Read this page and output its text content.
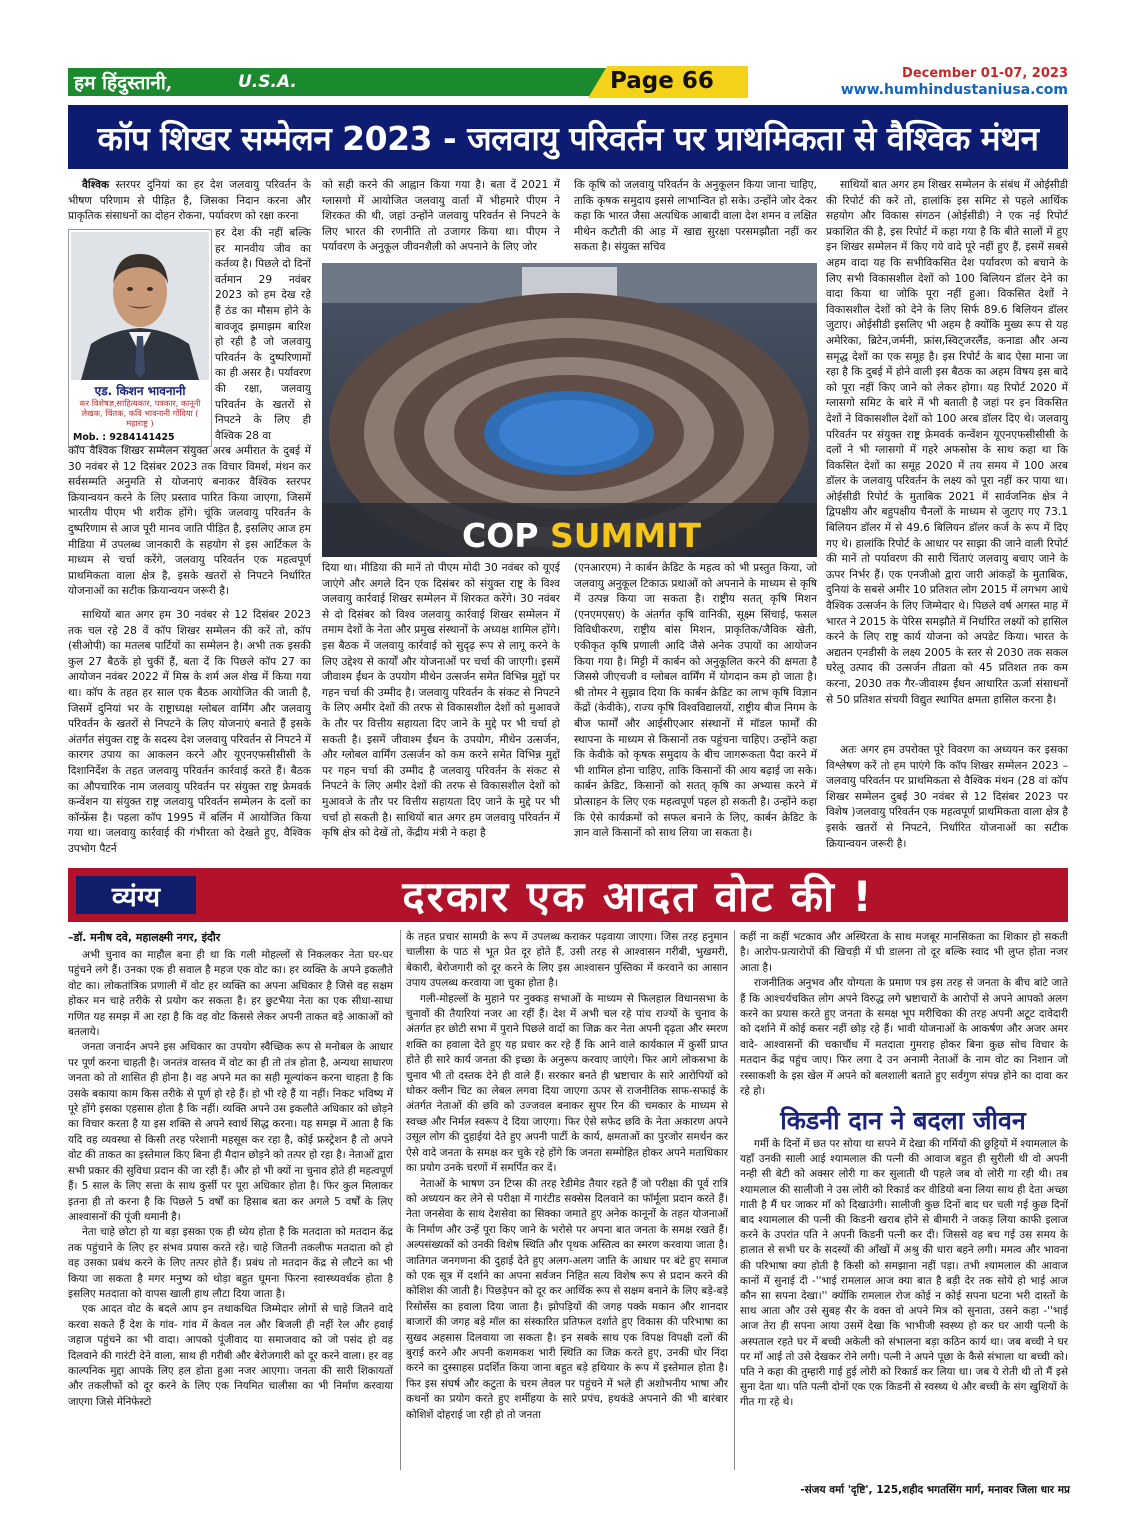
हम हिंदुस्तानी,	U.S.A.	Page 66	December 01-07, 2023
www.humhindustaniusa.com
कॉप शिखर सम्मेलन 2023 - जलवायु परिवर्तन पर प्राथमिकता से वैश्विक मंथन

वैश्विक स्तरपर दुनियां का हर देश जलवायु परिवर्तन के भीषण परिणाम से पीड़ित है, जिसका निदान करना और प्राकृतिक संसाधनों का दोहन रोकना, पर्यावरण को रक्षा करना

एड. किशन भावनानी
कर विशेषज्ञ,साहित्यकार, पत्रकार, कानूनी लेखक, चिंतक, कवि भावनानी गोंदिया ( महाराष्ट्र )
Mob. : 9284141425

हर देश की नहीं बल्कि हर मानवीय जीव का कर्तव्य है। पिछले दो दिनों वर्तमान 29 नवंबर 2023 को हम देख रहे हैं ठंड का मौसम होने के बावजूद झमाझम बारिश हो रही है जो जलवायु परिवर्तन के दुष्परिणामों का ही असर है। पर्यावरण की रक्षा, जलवायु परिवर्तन के खतरों से निपटने के लिए ही वैश्विक 28 वा

कॉप वैश्विक शिखर सम्मेलन संयुक्त अरब अमीरात के दुबई में 30 नवंबर से 12 दिसंबर 2023 तक विचार विमर्श, मंथन कर सर्वसम्मति अनुमति से योजनाएं बनाकर वैश्विक स्तरपर क्रियान्वयन करने के लिए प्रस्ताव पारित किया जाएगा, जिसमें भारतीय पीएम भी शरीक होंगे। चूंकि जलवायु परिवर्तन के दुष्परिणाम से आज पूरी मानव जाति पीड़ित है, इसलिए आज हम मीडिया में उपलब्ध जानकारी के सहयोग से इस आर्टिकल के माध्यम से चर्चा करेंगे, जलवायु परिवर्तन एक महत्वपूर्ण प्राथमिकता वाला क्षेत्र है, इसके खतरों से निपटने निर्धारित योजनाओं का सटीक क्रियान्वयन जरूरी है।

साथियों बात अगर हम 30 नवंबर से 12 दिसंबर 2023 तक चल रहे 28 वें कॉप शिखर सम्मेलन की करें तो, कॉप (सीओपी) का मतलब पार्टियों का सम्मेलन है। अभी तक इसकी कुल 27 बैठकें हो चुकीं हैं, बता दें कि पिछले कॉप 27 का आयोजन नवंबर 2022 में मिस्र के शर्म अल शेख में किया गया था। कॉप के तहत हर साल एक बैठक आयोजित की जाती है, जिसमें दुनियां भर के राष्ट्राध्यक्ष ग्लोबल वार्मिंग और जलवायु परिवर्तन के खतरों से निपटने के लिए योजनाएं बनाते हैं इसके अंतर्गत संयुक्त राष्ट्र के सदस्य देश जलवायु परिवर्तन से निपटने में कारगर उपाय का आकलन करने और यूएनएफसीसीसी के दिशानिर्देश के तहत जलवायु परिवर्तन कार्रवाई करते हैं। बैठक का औपचारिक नाम जलवायु परिवर्तन पर संयुक्त राष्ट्र फ्रेमवर्क कन्वेंशन या संयुक्त राष्ट्र जलवायु परिवर्तन सम्मेलन के दलों का कॉन्फ्रेंस है। पहला कॉप 1995 में बर्लिन में आयोजित किया गया था। जलवायु कार्रवाई की गंभीरता को देखते हुए, वैश्विक उपभोग पैटर्न

को सही करने की आह्वान किया गया है। बता दें 2021 में ग्लासगो में आयोजित जलवायु वार्ता में भीहमारे पीएम ने शिरकत की थी, जहां उन्होंने जलवायु परिवर्तन से निपटने के लिए भारत की रणनीति तो उजागर किया था। पीएम ने पर्यावरण के अनुकूल जीवनशैली को अपनाने के लिए जोर

कि कृषि को जलवायु परिवर्तन के अनुकूलन किया जाना चाहिए, ताकि कृषक समुदाय इससे लाभान्वित हो सके। उन्होंने जोर देकर कहा कि भारत जैसा अत्यधिक आबादी वाला देश शमन व लक्षित मीथेन कटौती की आड़ में खाद्य सुरक्षा परसमझौता नहीं कर सकता है। संयुक्त सचिव

COP SUMMIT

दिया था। मीडिया की मानें तो पीएम मोदी 30 नवंबर को यूएई जाएंगे और अगले दिन एक दिसंबर को संयुक्त राष्ट्र के विश्व जलवायु कार्रवाई शिखर सम्मेलन में शिरकत करेंगे। 30 नवंबर से दो दिसंबर को विश्व जलवायु कार्रवाई शिखर सम्मेलन में तमाम देशों के नेता और प्रमुख संस्थानों के अध्यक्ष शामिल होंगे। इस बैठक में जलवायु कार्रवाई को सुदृढ़ रूप से लागू करने के लिए उद्देश्य से कार्यों और योजनाओं पर चर्चा की जाएगी। इसमें जीवाश्म ईंधन के उपयोग मीथेन उत्सर्जन समेत विभिन्न मुद्दों पर गहन चर्चा की उम्मीद है। जलवायु परिवर्तन के संकट से निपटने के लिए अमीर देशों की तरफ से विकासशील देशों को मुआवजे के तौर पर वित्तीय सहायता दिए जाने के मुद्दे पर भी चर्चा हो सकती है। इसमें जीवाश्म ईंधन के उपयोग, मीथेन उत्सर्जन, और ग्लोबल वार्मिंग उत्सर्जन को कम करने समेत विभिन्न मुद्दों पर गहन चर्चा की उम्मीद है जलवायु परिवर्तन के संकट से निपटने के लिए अमीर देशों की तरफ से विकासशील देशों को मुआवजे के तौर पर वित्तीय सहायता दिए जाने के मुद्दे पर भी चर्चा हो सकती है। साथियों बात अगर हम जलवायु परिवर्तन में कृषि क्षेत्र को देखें तो, केंद्रीय मंत्री ने कहा है

(एनआरएम) ने कार्बन क्रेडिट के महत्व को भी प्रस्तुत किया, जो जलवायु अनुकूल टिकाऊ प्रथाओं को अपनाने के माध्यम से कृषि में उत्पन्न किया जा सकता है। राष्ट्रीय सतत् कृषि मिशन (एनएमएसए) के अंतर्गत कृषि वानिकी, सूक्ष्म सिंचाई, फसल विविधीकरण, राष्ट्रीय बांस मिशन, प्राकृतिक/जैविक खेती, एकीकृत कृषि प्रणाली आदि जैसे अनेक उपायों का आयोजन किया गया है। मिट्टी में कार्बन को अनुकूलित करने की क्षमता है जिससे जीएचजी व ग्लोबल वार्मिंग में योगदान कम हो जाता है।श्री तोमर ने सुझाव दिया कि कार्बन क्रेडिट का लाभ कृषि विज्ञान केंद्रों (केवीके), राज्य कृषि विश्वविद्यालयों, राष्ट्रीय बीज निगम के बीज फार्मों और आईसीएआर संस्थानों में मॉडल फार्मों की स्थापना के माध्यम से किसानों तक पहुंचना चाहिए। उन्होंने कहा कि केवीके को कृषक समुदाय के बीच जागरूकता पैदा करने में भी शामिल होना चाहिए, ताकि किसानों की आय बढ़ाई जा सके। कार्बन क्रेडिट, किसानों को सतत् कृषि का अभ्यास करने में प्रोत्साहन के लिए एक महत्वपूर्ण पहल हो सकती है। उन्होंने कहा कि ऐसे कार्यक्रमों को सफल बनाने के लिए, कार्बन क्रेडिट के ज्ञान वाले किसानों को साथ लिया जा सकता है।

साथियों बात अगर हम शिखर सम्मेलन के संबंध में ओईसीडी की रिपोर्ट की करें तो, हालांकि इस समिट से पहले आर्थिक सहयोग और विकास संगठन (ओईसीडी) ने एक नई रिपोर्ट प्रकाशित की है, इस रिपोर्ट में कहा गया है कि बीते सालों में हुए इन शिखर सम्मेलन में किए गये वादे पूरे नहीं हुए हैं, इसमें सबसे अहम वादा यह कि सभीविकसित देश पर्यावरण को बचाने के लिए सभी विकासशील देशों को 100 बिलियन डॉलर देने का वादा किया था जोकि पूरा नहीं हुआ। विकसित देशों ने विकासशील देशों को देने के लिए सिर्फ 89.6 बिलियन डॉलर जुटाए। ओईसीडी इसलिए भी अहम है क्योंकि मुख्य रूप से यह अमेरिका, ब्रिटेन,जर्मनी, फ्रांस,स्विट्जरलैंड, कनाडा और अन्य समृद्ध देशों का एक समूह है। इस रिपोर्ट के बाद ऐसा माना जा रहा है कि दुबई में होने वाली इस बैठक का अहम विषय इस बादे को पूरा नहीं किए जाने को लेकर होगा। यह रिपोर्ट 2020 में ग्लासगो समिट के बारे में भी बताती है जहां पर इन विकसित देशों ने विकासशील देशों को 100 अरब डॉलर दिए थे। जलवायु परिवर्तन पर संयुक्त राष्ट्र फ्रेमवर्क कन्वेंशन यूएनएफसीसीसी के दलों ने भी ग्लासगो में गहरे अफसोस के साथ कहा था कि विकसित देशों का समूह 2020 में तय समय में 100 अरब डॉलर के जलवायु परिवर्तन के लक्ष्य को पूरा नहीं कर पाया था। ओईसीडी रिपोर्ट के मुताबिक 2021 में सार्वजनिक क्षेत्र ने द्विपक्षीय और बहुपक्षीय चैनलों के माध्यम से जुटाए गए 73.1 बिलियन डॉलर में से 49.6 बिलियन डॉलर कर्ज के रूप में दिए गए थे। हालांकि रिपोर्ट के आधार पर साझा की जाने वाली रिपोर्ट की मानें तो पर्यावरण की सारी चिंताएं जलवायु बचाए जाने के ऊपर निर्भर हैं। एक एनजीओ द्वारा जारी आंकड़ों के मुताबिक, दुनियां के सबसे अमीर 10 प्रतिशत लोग 2015 में लगभग आधे वैश्विक उत्सर्जन के लिए जिम्मेदार थे। पिछले वर्ष अगस्त माह में भारत ने 2015 के पेरिस समझौते में निर्धारित लक्ष्यों को हासिल करने के लिए राष्ट्र कार्य योजना को अपडेट किया। भारत के अद्यतन एनडीसी के लक्ष्य 2005 के स्तर से 2030 तक सकल घरेलू उत्पाद की उत्सर्जन तीव्रता को 45 प्रतिशत तक कम करना, 2030 तक गैर-जीवाश्म ईंधन आधारित ऊर्जा संसाधनों से 50 प्रतिशत संचयी विद्युत स्थापित क्षमता हासिल करना है।

अतः अगर हम उपरोक्त पूरे विवरण का अध्ययन कर इसका विश्लेषण करें तो हम पाएंगे कि कॉप शिखर सम्मेलन 2023 – जलवायु परिवर्तन पर प्राथमिकता से वैश्विक मंथन (28 वां कॉप शिखर सम्मेलन दुबई 30 नवंबर से 12 दिसंबर 2023 पर विशेष )जलवायु परिवर्तन एक महत्वपूर्ण प्राथमिकता वाला क्षेत्र है इसके खतरों से निपटने, निर्धारित योजनाओं का सटीक क्रियान्वयन जरूरी है।

व्यंग्य	दरकार एक आदत वोट की !
–डॉ. मनीष दवे, महालक्ष्मी नगर, इंदौर

अभी चुनाव का माहौल बना ही था कि गली मोहल्लों से निकलकर नेता घर-घर पहुंचने लगे हैं। उनका एक ही सवाल है महज एक वोट का। हर व्यक्ति के अपने इकलौते वोट का। लोकतांत्रिक प्रणाली में वोट हर व्यक्ति का अपना अधिकार है जिसे वह सक्षम होकर मन चाहे तरीके से प्रयोग कर सकता है। हर छुटभैया नेता का एक सीधा-साधा गणित यह समझ में आ रहा है कि वह वोट किससे लेकर अपनी ताकत बड़े आकाओं को बतलाये।

जनता जनार्दन अपने इस अधिकार का उपयोग स्वैच्छिक रूप से मनोबल के आधार पर पूर्ण करना चाहती है। जनतंत्र वास्तव में वोट का ही तो तंत्र होता है, अन्यथा साधारण जनता को तो शासित ही होना है। वह अपने मत का सही मूल्यांकन करना चाहता है कि उसके बकाया काम किस तरीके से पूर्ण हो रहे हैं। हो भी रहे हैं या नहीं। निकट भविष्य में पूरे होंगे इसका एहसास होता है कि नहीं। व्यक्ति अपने उस इकलौते अधिकार को छोड़ने का विचार करता है या इस शक्ति से अपने स्वार्थ सिद्ध करना। यह समझ में आता है कि यदि वह व्यवस्था से किसी तरह परेशानी महसूस कर रहा है, कोई फ्रस्ट्रेशन है तो अपने वोट की ताकत का इस्तेमाल किए बिना ही मैदान छोड़ने को तत्पर हो रहा है। नेताओं द्वारा सभी प्रकार की सुविधा प्रदान की जा रही हैं। और हो भी क्यों ना चुनाव होते ही महत्वपूर्ण हैं। 5 साल के लिए सत्ता के साथ कुर्सी पर पूरा अधिकार होता है। फिर कुल मिलाकर इतना ही तो करना है कि पिछले 5 वर्षों का हिसाब बता कर अगले 5 वर्षों के लिए आश्वासनों की पूंजी थमानी है।

नेता चाहे छोटा हो या बड़ा इसका एक ही ध्येय होता है कि मतदाता को मतदान केंद्र तक पहुंचाने के लिए हर संभव प्रयास करते रहे। चाहे जितनी तकलीफ मतदाता को हो वह उसका प्रबंध करने के लिए तत्पर होते हैं। प्रबंध तो मतदान केंद्र से लौटने का भी किया जा सकता है मगर मनुष्य को थोड़ा बहुत घूमना फिरना स्वास्थ्यवर्धक होता है इसलिए मतदाता को वापस खाली हाथ लौटा दिया जाता है।

एक आदत वोट के बदले आप इन तथाकथित जिम्मेदार लोगों से चाहे जितने वादे करवा सकते हैं देश के गांव- गांव में केवल नल और बिजली ही नहीं रेल और हवाई जहाज पहुंचने का भी वादा। आपको पूंजीवाद या समाजवाद को जो पसंद हो वह दिलवाने की गारंटी देने वाला, साथ ही गरीबी और बेरोजगारी को दूर करने वाला। हर वह काल्पनिक मुद्दा आपके लिए हल होता हुआ नजर आएगा। जनता की सारी शिकायतों और तकलीफों को दूर करने के लिए एक नियमित चालीसा का भी निर्माण करवाया जाएगा जिसे मेनिफेस्टो

के तहत प्रचार सामग्री के रूप में उपलब्ध कराकर पढ़वाया जाएगा। जिस तरह हनुमान चालीसा के पाठ से भूत प्रेत दूर होते हैं, उसी तरह से आश्वासन गरीबी, भुखमरी, बेकारी, बेरोजगारी को दूर करने के लिए इस आश्वासन पुस्तिका में करवाने का आसान उपाय उपलब्ध करवाया जा चुका होता है।

गली-मोहल्लों के मुहाने पर नुक्कड़ सभाओं के माध्यम से फिलहाल विधानसभा के चुनावों की तैयारियां नजर आ रहीं हैं। देश में अभी चल रहे पांच राज्यों के चुनाव के अंतर्गत हर छोटी सभा में पुराने पिछले वादों का जिक्र कर नेता अपनी दृढ़ता और स्मरण शक्ति का हवाला देते हुए यह प्रचार कर रहे हैं कि आने वाले कार्यकाल में कुर्सी प्राप्त होते ही सारे कार्य जनता की इच्छा के अनुरूप करवाए जाएंगे। फिर आगे लोकसभा के चुनाव भी तो दस्तक देने ही वाले हैं। सरकार बनते ही भ्रष्टाचार के सारे आरोपियों को धोकर क्लीन चिट का लेबल लगवा दिया जाएगा ऊपर से राजनीतिक साफ-सफाई के अंतर्गत नेताओं की छवि को उज्जवल बनाकर सुपर रिन की चमकार के माध्यम से स्वच्छ और निर्मल स्वरूप दे दिया जाएगा। फिर ऐसे सफेद छवि के नेता अकारण अपने उसूल लोग की दुहाईयां देते हुए अपनी पार्टी के कार्य, क्षमताओं का पुरजोर समर्थन कर ऐसे वादे जनता के समक्ष कर चुके रहे होंगे कि जनता सम्मोहित होकर अपने मताधिकार का प्रयोग उनके चरणों में समर्पित कर दें।

नेताओं के भाषण उन टिप्स की तरह रेडीमेड तैयार रहते हैं जो परीक्षा की पूर्व रात्रि को अध्ययन कर लेने से परीक्षा में गारंटीड सक्सेस दिलवाने का फॉर्मूला प्रदान करते हैं। नेता जनसेवा के साथ देशसेवा का सिक्का जमाते हुए अनेक कानूनों के तहत योजनाओं के निर्माण और उन्हें पूरा किए जाने के भरोसे पर अपना बात जनता के समक्ष रखते हैं। अल्पसंख्यकों को उनकी विशेष स्थिति और पृथक अस्तित्व का स्मरण करवाया जाता है। जातिगत जनगणना की दुहाई देते हुए अलग-अलग जाति के आधार पर बंटे हुए समाज को एक सूत्र में दर्शाने का अपना सर्वजन निहित सत्य विशेष रूप से प्रदान करने की कोशिश की जाती है। पिछड़ेपन को दूर कर आर्थिक रूप से सक्षम बनाने के लिए बड़े-बड़े रिसोर्सेस का हवाला दिया जाता है। झोपड़ियों की जगह पक्के मकान और शानदार बाजारों की जगह बड़े मॉल का संस्कारित प्रतिफल दर्शाते हुए विकास की परिभाषा का सुखद अहसास दिलवाया जा सकता है। इन सबके साथ एक विपक्ष विपक्षी दलों की बुराई करने और अपनी कशमकश भारी स्थिति का जिक्र करते हुए, उनकी घोर निंदा करने का दुस्साहस प्रदर्शित किया जाना बहुत बड़े हथियार के रूप में इस्तेमाल होता है। फिर इस संघर्ष और कटुता के चरम लेवल पर पहुंचने में भले ही अशोभनीय भाषा और कथनों का प्रयोग करते हुए शर्मीहया के सारे प्रपंच, हथकंडे अपनाने की भी बारंबार कोशिशें दोहराई जा रही हो तो जनता

कहीं ना कहीं भटकाव और अस्थिरता के साथ मजबूर मानसिकता का शिकार हो सकती है। आरोप-प्रत्यारोपों की खिचड़ी में घी डालना तो दूर बल्कि स्वाद भी लुप्त होता नजर आता है।

राजनीतिक अनुभव और योग्यता के प्रमाण पत्र इस तरह से जनता के बीच बांटे जाते हैं कि आश्चर्यचकित लोग अपने विरुद्ध लगे भ्रष्टाचारों के आरोपों से अपने आपको अलग करने का प्रयास करते हुए जनता के समक्ष भूप मरीचिका की तरह अपनी अटूट दावेदारी को दर्शाने में कोई कसर नहीं छोड़ रहे हैं। भावी योजनाओं के आकर्षण और अजर अमर वादे- आश्वासनों की चकाचौंध में मतदाता गुमराह होकर बिना कुछ सोच विचार के मतदान केंद्र पहुंच जाए। फिर लगा दे उन अनामी नेताओं के नाम वोट का निशान जो रस्साकशी के इस खेल में अपने को बलशाली बताते हुए सर्वगुण संपन्न होने का दावा कर रहे हो।

किडनी दान ने बदला जीवन

गर्मी के दिनों में छत पर सोया था सपने में देखा की गर्मियों की छुट्टियों में श्यामलाल के यहाँ उनकी साली आई श्यामलाल की पत्नी की आवाज बहुत ही सुरीली थी वो अपनी नन्ही सी बेटी को अक्सर लोरी गा कर सुलाती थी पहले जब वो लोरी गा रही थी। तब श्यामलाल की सालीजी ने उस लोरी को रिकार्ड कर वीडियो बना लिया साथ ही देता अच्छा गाती है मैं घर जाकर माँ को दिखाउंगी। सालीजी कुछ दिनों बाद घर चली गई कुछ दिनों बाद श्यामलाल की पत्नी की किडनी खराब होने से बीमारी ने जकड़ लिया काफी इलाज करने के उपरांत पति ने अपनी किडनी पत्नी कर दी। जिससे वह बच गई उस समय के हालात से सभी घर के सदस्यों की आँखों में अश्रु की धारा बहने लगी। ममत्व और भावना की परिभाषा क्या होती है किसी को समझाना नहीं पड़ा। तभी श्यामलाल की आवाज कानों में सुनाई दी -''भाई रामलाल आज क्या बात है बड़ी देर तक सोये हो भाई आज कौन सा सपना देखा।'' क्योंकि रामलाल रोज कोई न कोई सपना घटना भरी दास्तों के साथ आता और उसे सुबह सैर के वक्त वो अपने मित्र को सुनाता, उसने कहा -''भाई आज तेरा ही सपना आया उसमें देखा कि भाभीजी स्वस्थ्य हो कर घर आयी पत्नी के अस्पताल रहते घर में बच्ची अकेली को संभालना बड़ा कठिन कार्य था। जब बच्ची ने घर पर माँ आई तो उसे देखकर रोने लगी। पत्नी ने अपने पूछा के कैसे संभाला था बच्ची को। पति ने कहा की तुम्हारी गाई हुई लोरी को रिकार्ड कर लिया था। जब ये रोती थी तो मैं इसे सुना देता था। पति पत्नी दोनों एक एक किडनी से स्वस्थ्य थे और बच्ची के संग खुशियों के गीत गा रहे थे।

-संजय वर्मा 'दृष्टि', 125,शहीद भगतसिंग मार्ग, मनावर जिला धार मप्र
